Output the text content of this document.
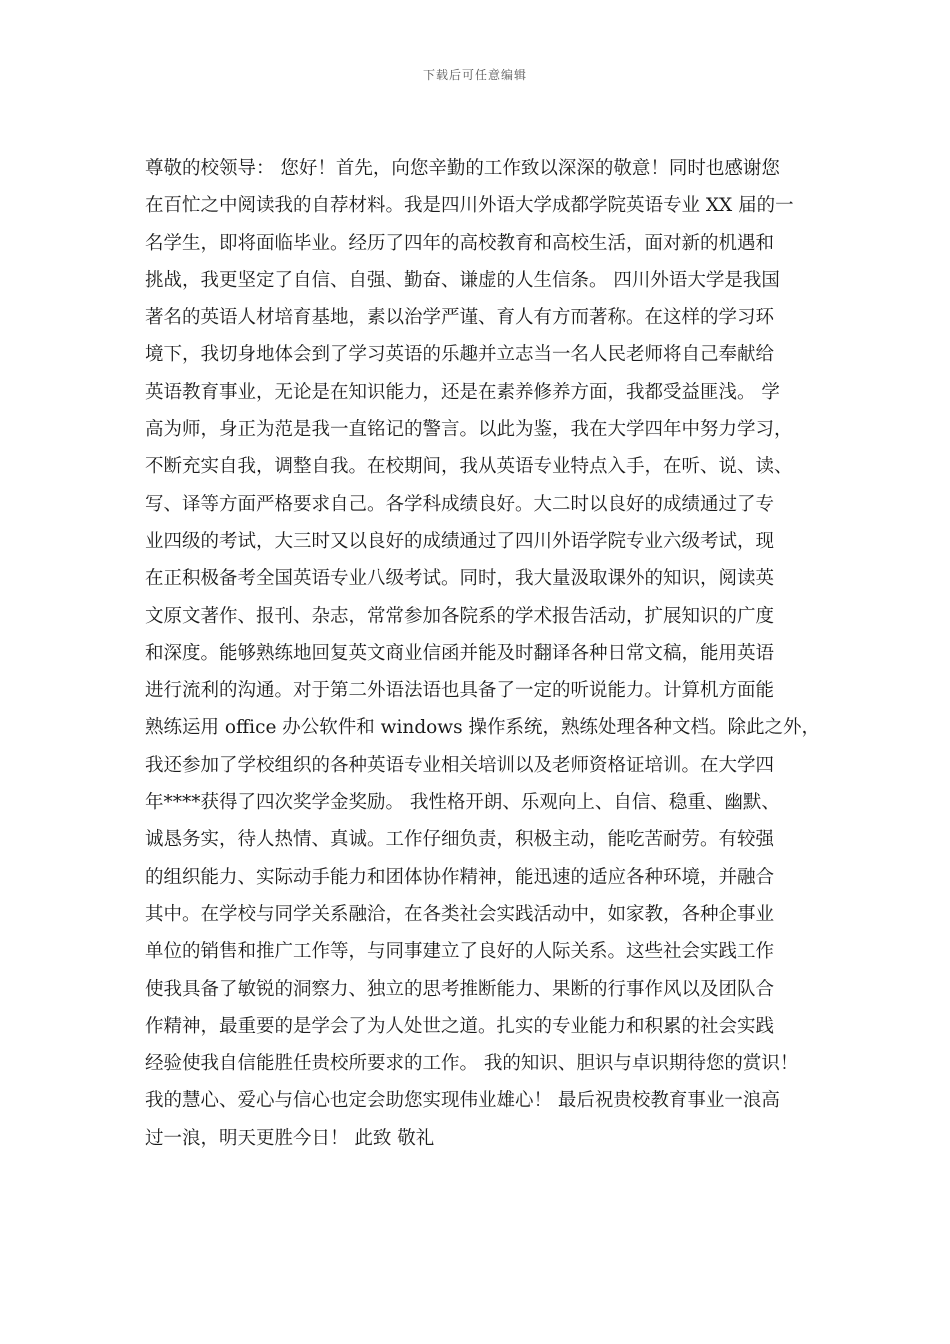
下载后可任意编辑
尊敬的校领导： 您好！首先，向您辛勤的工作致以深深的敬意！同时也感谢您
在百忙之中阅读我的自荐材料。我是四川外语大学成都学院英语专业 XX 届的一
名学生，即将面临毕业。经历了四年的高校教育和高校生活，面对新的机遇和
挑战，我更坚定了自信、自强、勤奋、谦虚的人生信条。 四川外语大学是我国
著名的英语人材培育基地，素以治学严谨、育人有方而著称。在这样的学习环
境下，我切身地体会到了学习英语的乐趣并立志当一名人民老师将自己奉献给
英语教育事业，无论是在知识能力，还是在素养修养方面，我都受益匪浅。 学
高为师，身正为范是我一直铭记的警言。以此为鉴，我在大学四年中努力学习，
不断充实自我，调整自我。在校期间，我从英语专业特点入手，在听、说、读、
写、译等方面严格要求自己。各学科成绩良好。大二时以良好的成绩通过了专
业四级的考试，大三时又以良好的成绩通过了四川外语学院专业六级考试，现
在正积极备考全国英语专业八级考试。同时，我大量汲取课外的知识，阅读英
文原文著作、报刊、杂志，常常参加各院系的学术报告活动，扩展知识的广度
和深度。能够熟练地回复英文商业信函并能及时翻译各种日常文稿，能用英语
进行流利的沟通。对于第二外语法语也具备了一定的听说能力。计算机方面能
熟练运用 office 办公软件和 windows 操作系统，熟练处理各种文档。除此之外，
我还参加了学校组织的各种英语专业相关培训以及老师资格证培训。在大学四
年****获得了四次奖学金奖励。 我性格开朗、乐观向上、自信、稳重、幽默、
诚恳务实，待人热情、真诚。工作仔细负责，积极主动，能吃苦耐劳。有较强
的组织能力、实际动手能力和团体协作精神，能迅速的适应各种环境，并融合
其中。在学校与同学关系融洽，在各类社会实践活动中，如家教，各种企事业
单位的销售和推广工作等，与同事建立了良好的人际关系。这些社会实践工作
使我具备了敏锐的洞察力、独立的思考推断能力、果断的行事作风以及团队合
作精神，最重要的是学会了为人处世之道。扎实的专业能力和积累的社会实践
经验使我自信能胜任贵校所要求的工作。 我的知识、胆识与卓识期待您的赏识！
我的慧心、爱心与信心也定会助您实现伟业雄心！ 最后祝贵校教育事业一浪高
过一浪，明天更胜今日！ 此致 敬礼
